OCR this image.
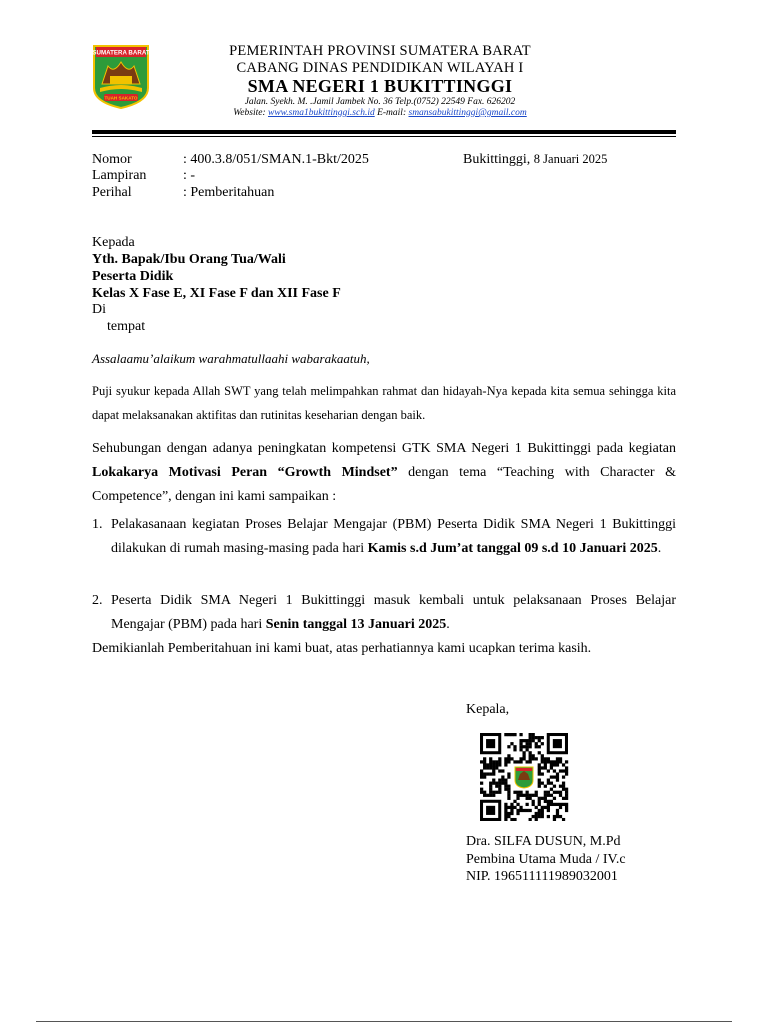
SUMATERA BARAT
TUAH SAKATO
PEMERINTAH PROVINSI SUMATERA BARAT
CABANG DINAS PENDIDIKAN WILAYAH I
SMA NEGERI 1 BUKITTINGGI
Jalan. Syekh. M. .Jamil Jambek No. 36 Telp.(0752) 22549 Fax. 626202
Website: www.sma1bukittinggi.sch.id E-mail: smansabukittinggi@gmail.com
Nomor	: 400.3.8/051/SMAN.1-Bkt/2025
Lampiran	: -
Perihal	: Pemberitahuan
Bukittinggi, 8 Januari 2025
Kepada
Yth. Bapak/Ibu Orang Tua/Wali
Peserta Didik
Kelas X Fase E, XI Fase F dan XII Fase F
Di
tempat
Assalaamu’alaikum warahmatullaahi wabarakaatuh,
Puji syukur kepada Allah SWT yang telah melimpahkan rahmat dan hidayah-Nya kepada kita semua sehingga kita dapat melaksanakan aktifitas dan rutinitas keseharian dengan baik.
Sehubungan dengan adanya peningkatan kompetensi GTK SMA Negeri 1 Bukittinggi pada kegiatan Lokakarya Motivasi Peran “Growth Mindset” dengan tema “Teaching with Character & Competence”, dengan ini kami sampaikan :
1. Pelakasanaan kegiatan Proses Belajar Mengajar (PBM) Peserta Didik SMA Negeri 1 Bukittinggi dilakukan di rumah masing-masing pada hari Kamis s.d Jum’at tanggal 09 s.d 10 Januari 2025.
2. Peserta Didik SMA Negeri 1 Bukittinggi masuk kembali untuk pelaksanaan Proses Belajar Mengajar (PBM) pada hari Senin tanggal 13 Januari 2025.
Demikianlah Pemberitahuan ini kami buat, atas perhatiannya kami ucapkan terima kasih.
Kepala,
Dra. SILFA DUSUN, M.Pd
Pembina Utama Muda / IV.c
NIP. 196511111989032001
